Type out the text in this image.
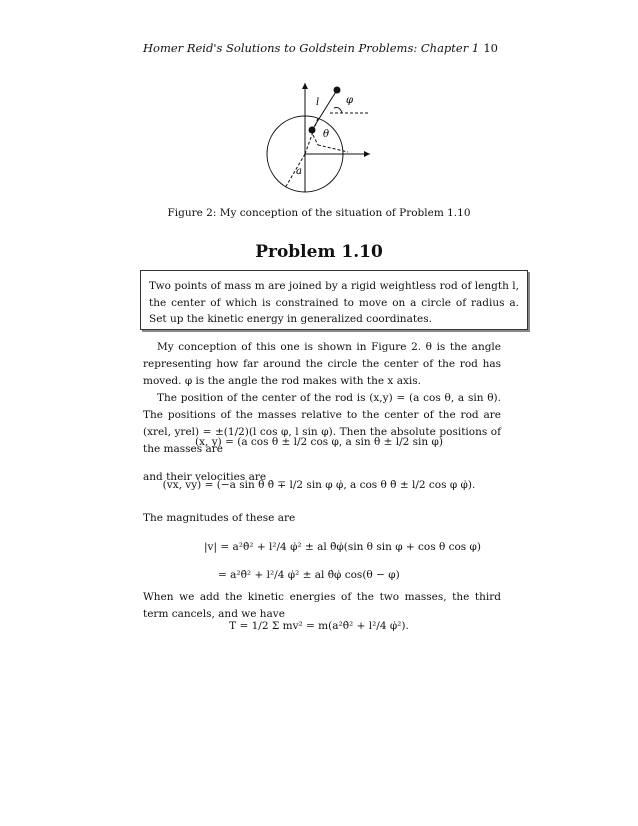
Homer Reid's Solutions to Goldstein Problems: Chapter 1 10
l	φ
θ
a
Figure 2: My conception of the situation of Problem 1.10
Problem 1.10

Two points of mass m are joined by a rigid weightless rod of length l, the center of which is constrained to move on a circle of radius a. Set up the kinetic energy in generalized coordinates.

My conception of this one is shown in Figure 2. θ is the angle representing how far around the circle the center of the rod has moved. φ is the angle the rod makes with the x axis.
The position of the center of the rod is (x,y) = (a cos θ, a sin θ). The positions of the masses relative to the center of the rod are (xrel, yrel) = ±(1/2)(l cos φ, l sin φ). Then the absolute positions of the masses are
(x, y) = (a cos θ ± l/2 cos φ, a sin θ ± l/2 sin φ)
and their velocities are
(vx, vy) = (−a sin θ θ̇ ∓ l/2 sin φ φ̇, a cos θ θ̇ ± l/2 cos φ φ̇).
The magnitudes of these are
|v| = a²θ̇² + l²/4 φ̇² ± al θ̇φ̇(sin θ sin φ + cos θ cos φ)
= a²θ̇² + l²/4 φ̇² ± al θ̇φ̇ cos(θ − φ)
When we add the kinetic energies of the two masses, the third term cancels, and we have
T = 1/2 Σ mv² = m(a²θ̇² + l²/4 φ̇²).
